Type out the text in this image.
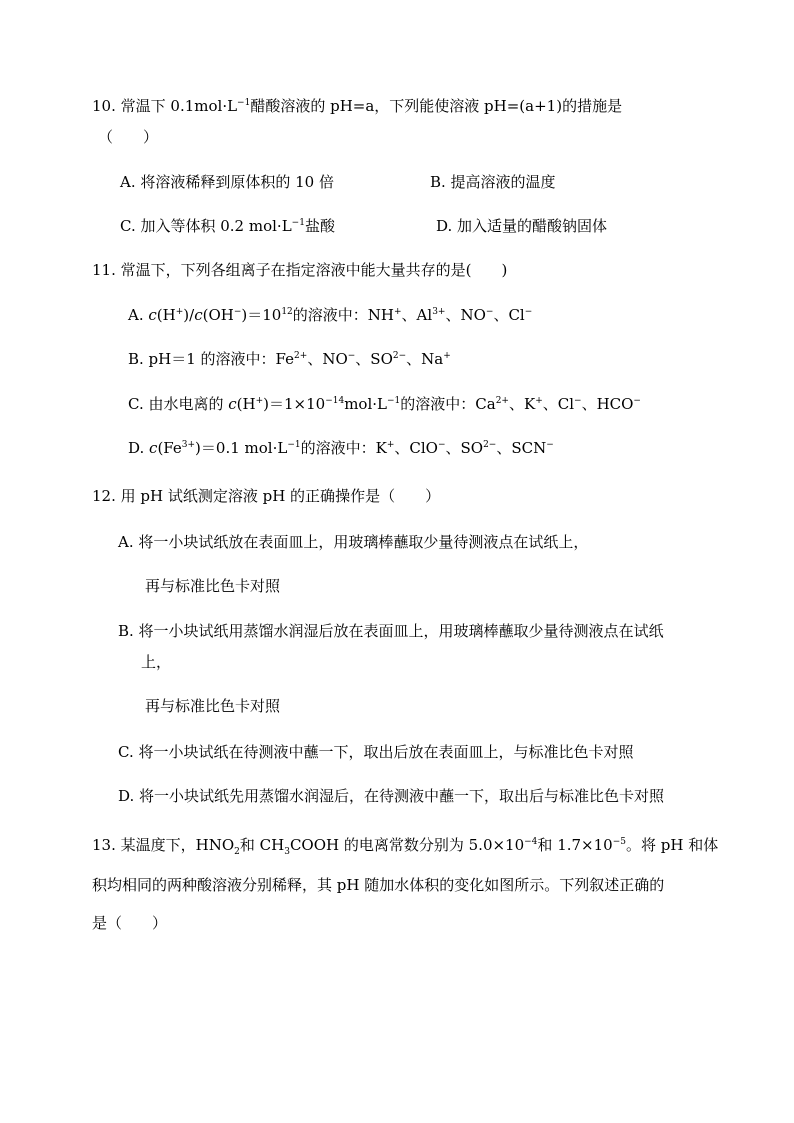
10. 常温下 $0.1mol\cdot L^{-1}$醋酸溶液的 pH=a，下列能使溶液 pH=(a+1)的措施是
（　　）
A. 将溶液稀释到原体积的 10 倍	B. 提高溶液的温度
C. 加入等体积 0.2 $mol\cdot L^{-1}$盐酸	D. 加入适量的醋酸钠固体
11. 常温下，下列各组离子在指定溶液中能大量共存的是(　　)
A. $c(H^+)/c(OH^-)=10^{12}$的溶液中：NH+、$Al^{3+}$、NO−、Cl−
B. pH＝1 的溶液中：$Fe^{2+}$、NO−、$SO^{2-}$、Na+
C. 由水电离的 $c(H^+)=1\times 10^{-14}mol\cdot L^{-1}$的溶液中：$Ca^{2+}$、K+、Cl−、HCO−
D. $c(Fe^{3+})=0.1$ $mol\cdot L^{-1}$的溶液中：K+、ClO−、$SO^{2-}$、SCN−
12. 用 pH 试纸测定溶液 pH 的正确操作是（　　）
A. 将一小块试纸放在表面皿上，用玻璃棒蘸取少量待测液点在试纸上，
再与标准比色卡对照
B. 将一小块试纸用蒸馏水润湿后放在表面皿上，用玻璃棒蘸取少量待测液点在试纸
上，
再与标准比色卡对照
C. 将一小块试纸在待测液中蘸一下，取出后放在表面皿上，与标准比色卡对照
D. 将一小块试纸先用蒸馏水润湿后，在待测液中蘸一下，取出后与标准比色卡对照
13. 某温度下，$HNO_2$和 $CH_3COOH$ 的电离常数分别为 $5.0\times 10^{-4}$和 $1.7\times 10^{-5}$。将 pH 和体
积均相同的两种酸溶液分别稀释，其 pH 随加水体积的变化如图所示。下列叙述正确的
是（　　）
